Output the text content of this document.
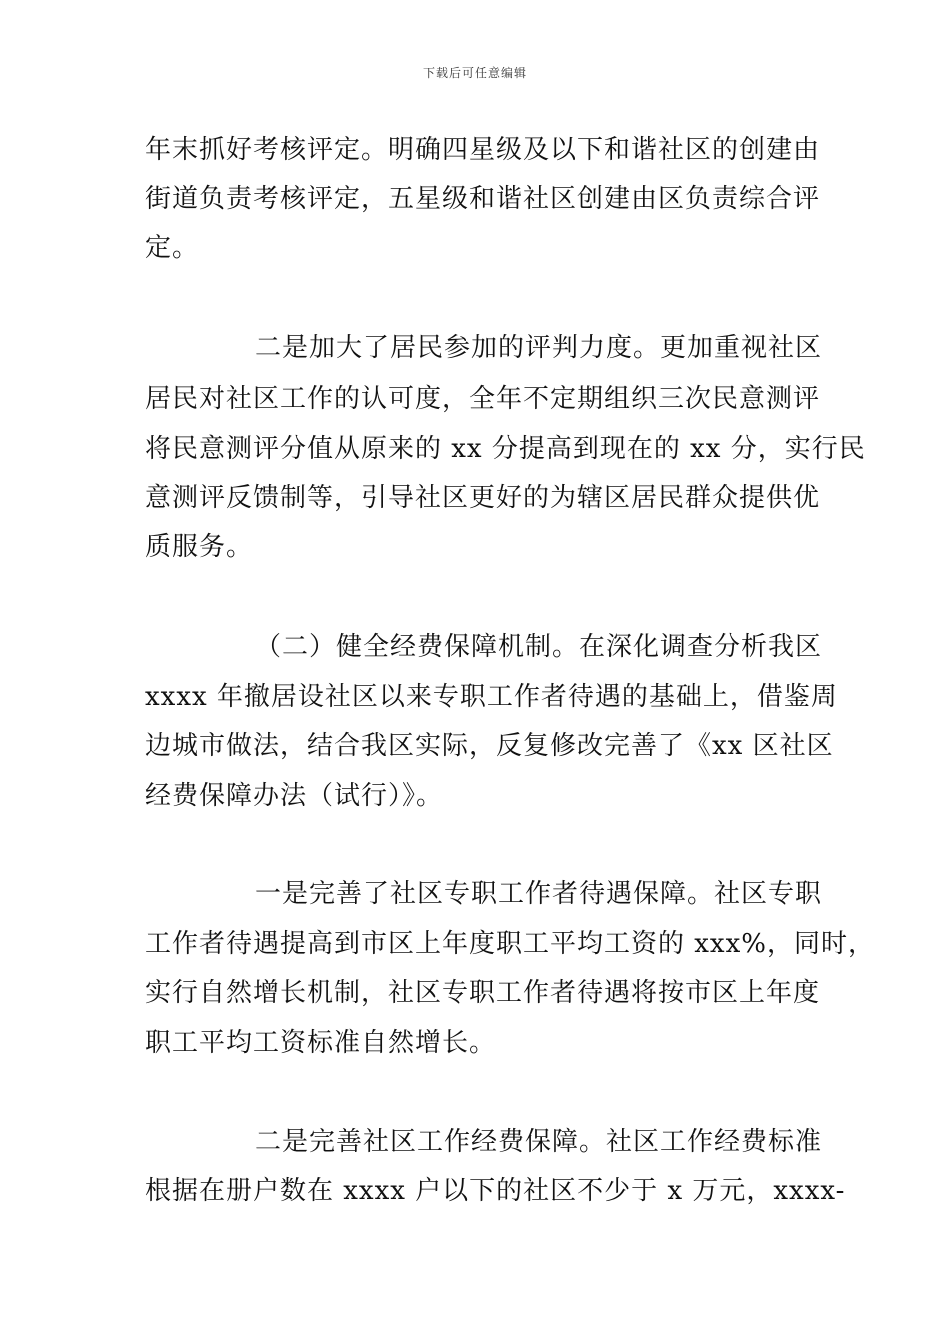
下载后可任意编辑
年末抓好考核评定。明确四星级及以下和谐社区的创建由
街道负责考核评定，五星级和谐社区创建由区负责综合评
定。
二是加大了居民参加的评判力度。更加重视社区
居民对社区工作的认可度，全年不定期组织三次民意测评
将民意测评分值从原来的 xx 分提高到现在的 xx 分，实行民
意测评反馈制等，引导社区更好的为辖区居民群众提供优
质服务。
（二）健全经费保障机制。在深化调查分析我区
xxxx 年撤居设社区以来专职工作者待遇的基础上，借鉴周
边城市做法，结合我区实际，反复修改完善了《xx 区社区
经费保障办法（试行）》。
一是完善了社区专职工作者待遇保障。社区专职
工作者待遇提高到市区上年度职工平均工资的 xxx%，同时，
实行自然增长机制，社区专职工作者待遇将按市区上年度
职工平均工资标准自然增长。
二是完善社区工作经费保障。社区工作经费标准
根据在册户数在 xxxx 户以下的社区不少于 x 万元，xxxx-
